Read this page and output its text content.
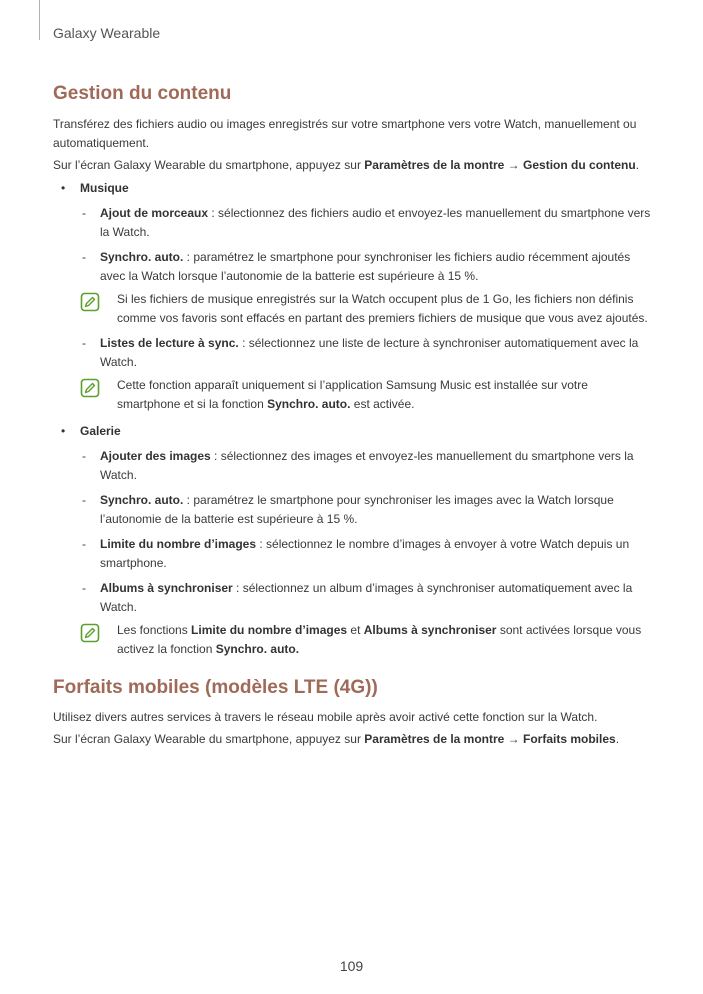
Galaxy Wearable
Gestion du contenu

Transférez des fichiers audio ou images enregistrés sur votre smartphone vers votre Watch, manuellement ou automatiquement.

Sur l’écran Galaxy Wearable du smartphone, appuyez sur Paramètres de la montre → Gestion du contenu.

• Musique
- Ajout de morceaux : sélectionnez des fichiers audio et envoyez-les manuellement du smartphone vers la Watch.
- Synchro. auto. : paramétrez le smartphone pour synchroniser les fichiers audio récemment ajoutés avec la Watch lorsque l’autonomie de la batterie est supérieure à 15 %.
Si les fichiers de musique enregistrés sur la Watch occupent plus de 1 Go, les fichiers non définis comme vos favoris sont effacés en partant des premiers fichiers de musique que vous avez ajoutés.
- Listes de lecture à sync. : sélectionnez une liste de lecture à synchroniser automatiquement avec la Watch.
Cette fonction apparaît uniquement si l’application Samsung Music est installée sur votre smartphone et si la fonction Synchro. auto. est activée.
• Galerie
- Ajouter des images : sélectionnez des images et envoyez-les manuellement du smartphone vers la Watch.
- Synchro. auto. : paramétrez le smartphone pour synchroniser les images avec la Watch lorsque l’autonomie de la batterie est supérieure à 15 %.
- Limite du nombre d’images : sélectionnez le nombre d’images à envoyer à votre Watch depuis un smartphone.
- Albums à synchroniser : sélectionnez un album d’images à synchroniser automatiquement avec la Watch.
Les fonctions Limite du nombre d’images et Albums à synchroniser sont activées lorsque vous activez la fonction Synchro. auto.
Forfaits mobiles (modèles LTE (4G))

Utilisez divers autres services à travers le réseau mobile après avoir activé cette fonction sur la Watch.

Sur l’écran Galaxy Wearable du smartphone, appuyez sur Paramètres de la montre → Forfaits mobiles.

109
